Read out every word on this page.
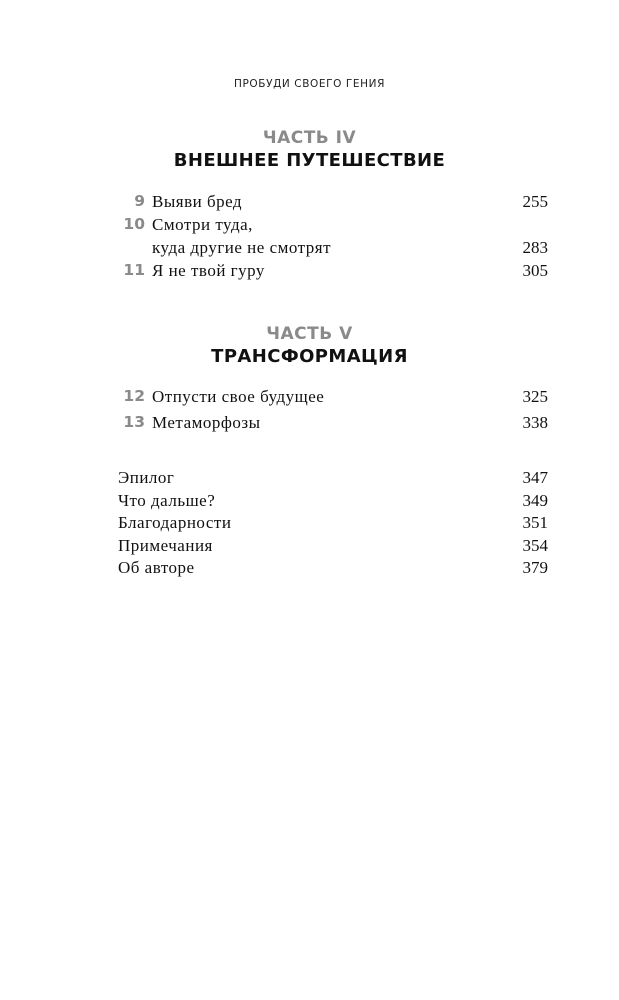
ПРОБУДИ СВОЕГО ГЕНИЯ
ЧАСТЬ IV
ВНЕШНЕЕ ПУТЕШЕСТВИЕ
9 Выяви бред	255
10 Смотри туда,
куда другие не смотрят	283
11 Я не твой гуру	305
ЧАСТЬ V
ТРАНСФОРМАЦИЯ
12 Отпусти свое будущее	325
13 Метаморфозы	338
Эпилог	347
Что дальше?	349
Благодарности	351
Примечания	354
Об авторе	379
